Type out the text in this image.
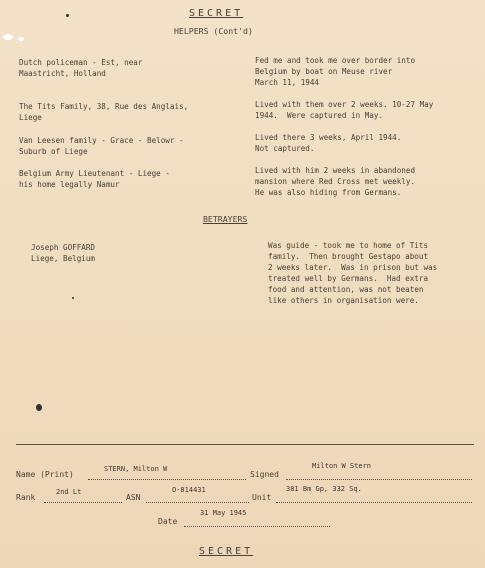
SECRET
HELPERS (Cont'd)
Dutch policeman - Est, near
Maastricht, Holland
Fed me and took me over border into
Belgium by boat on Meuse river
March 11, 1944
The Tits Family, 38, Rue des Anglais,
Liege
Lived with them over 2 weeks. 10-27 May
1944.  Were captured in May.
Van Leesen family - Grace - Belowr -
Suburb of Liege
Lived there 3 weeks, April 1944.
Not captured.
Belgium Army Lieutenant - Liege -
his home legally Namur
Lived with him 2 weeks in abandoned
mansion where Red Cross met weekly.
He was also hiding from Germans.
BETRAYERS
Joseph GOFFARD
Liege, Belgium
Was guide - took me to home of Tits
family.  Then brought Gestapo about
2 weeks later.  Was in prison but was
treated well by Germans.  Had extra
food and attention, was not beaten
like others in organisation were.
Name (Print)
STERN, Milton W
Signed
Milton W Stern
Rank
2nd Lt
ASN
O-814431
Unit
381 Bm Gp, 332 Sq.
Date
31 May 1945
SECRET
